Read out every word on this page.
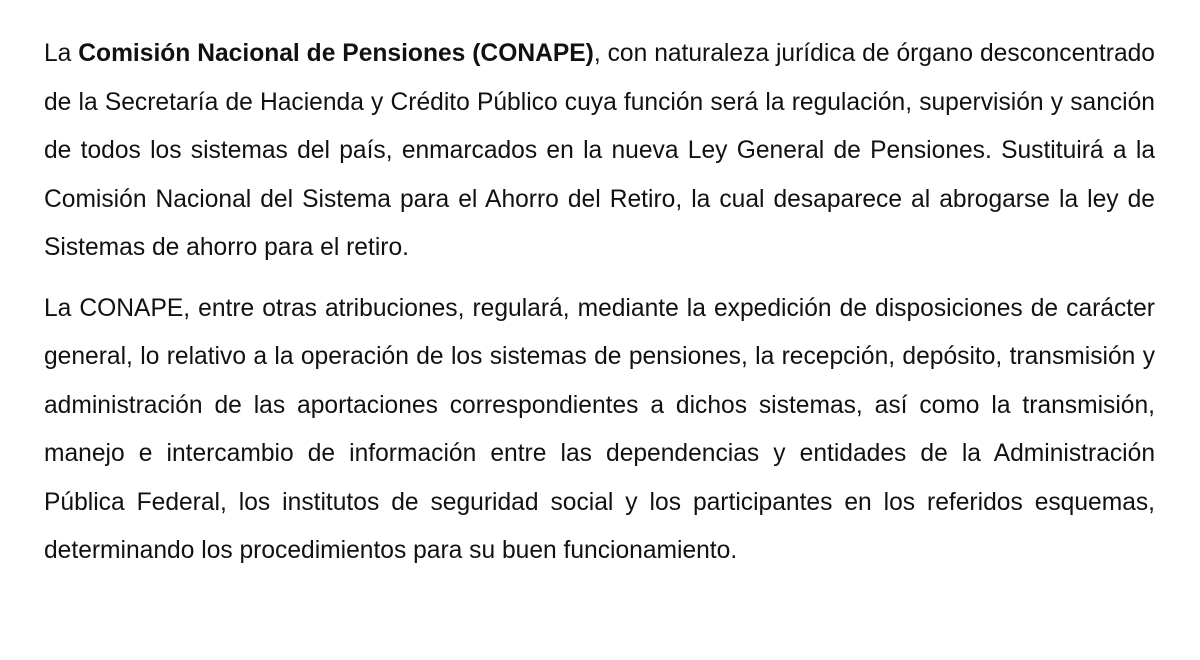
La Comisión Nacional de Pensiones (CONAPE), con naturaleza jurídica de órgano desconcentrado de la Secretaría de Hacienda y Crédito Público cuya función será la regulación, supervisión y sanción de todos los sistemas del país, enmarcados en la nueva Ley General de Pensiones. Sustituirá a la Comisión Nacional del Sistema para el Ahorro del Retiro, la cual desaparece al abrogarse la ley de Sistemas de ahorro para el retiro.

La CONAPE, entre otras atribuciones, regulará, mediante la expedición de disposiciones de carácter general, lo relativo a la operación de los sistemas de pensiones, la recepción, depósito, transmisión y administración de las aportaciones correspondientes a dichos sistemas, así como la transmisión, manejo e intercambio de información entre las dependencias y entidades de la Administración Pública Federal, los institutos de seguridad social y los participantes en los referidos esquemas, determinando los procedimientos para su buen funcionamiento.
